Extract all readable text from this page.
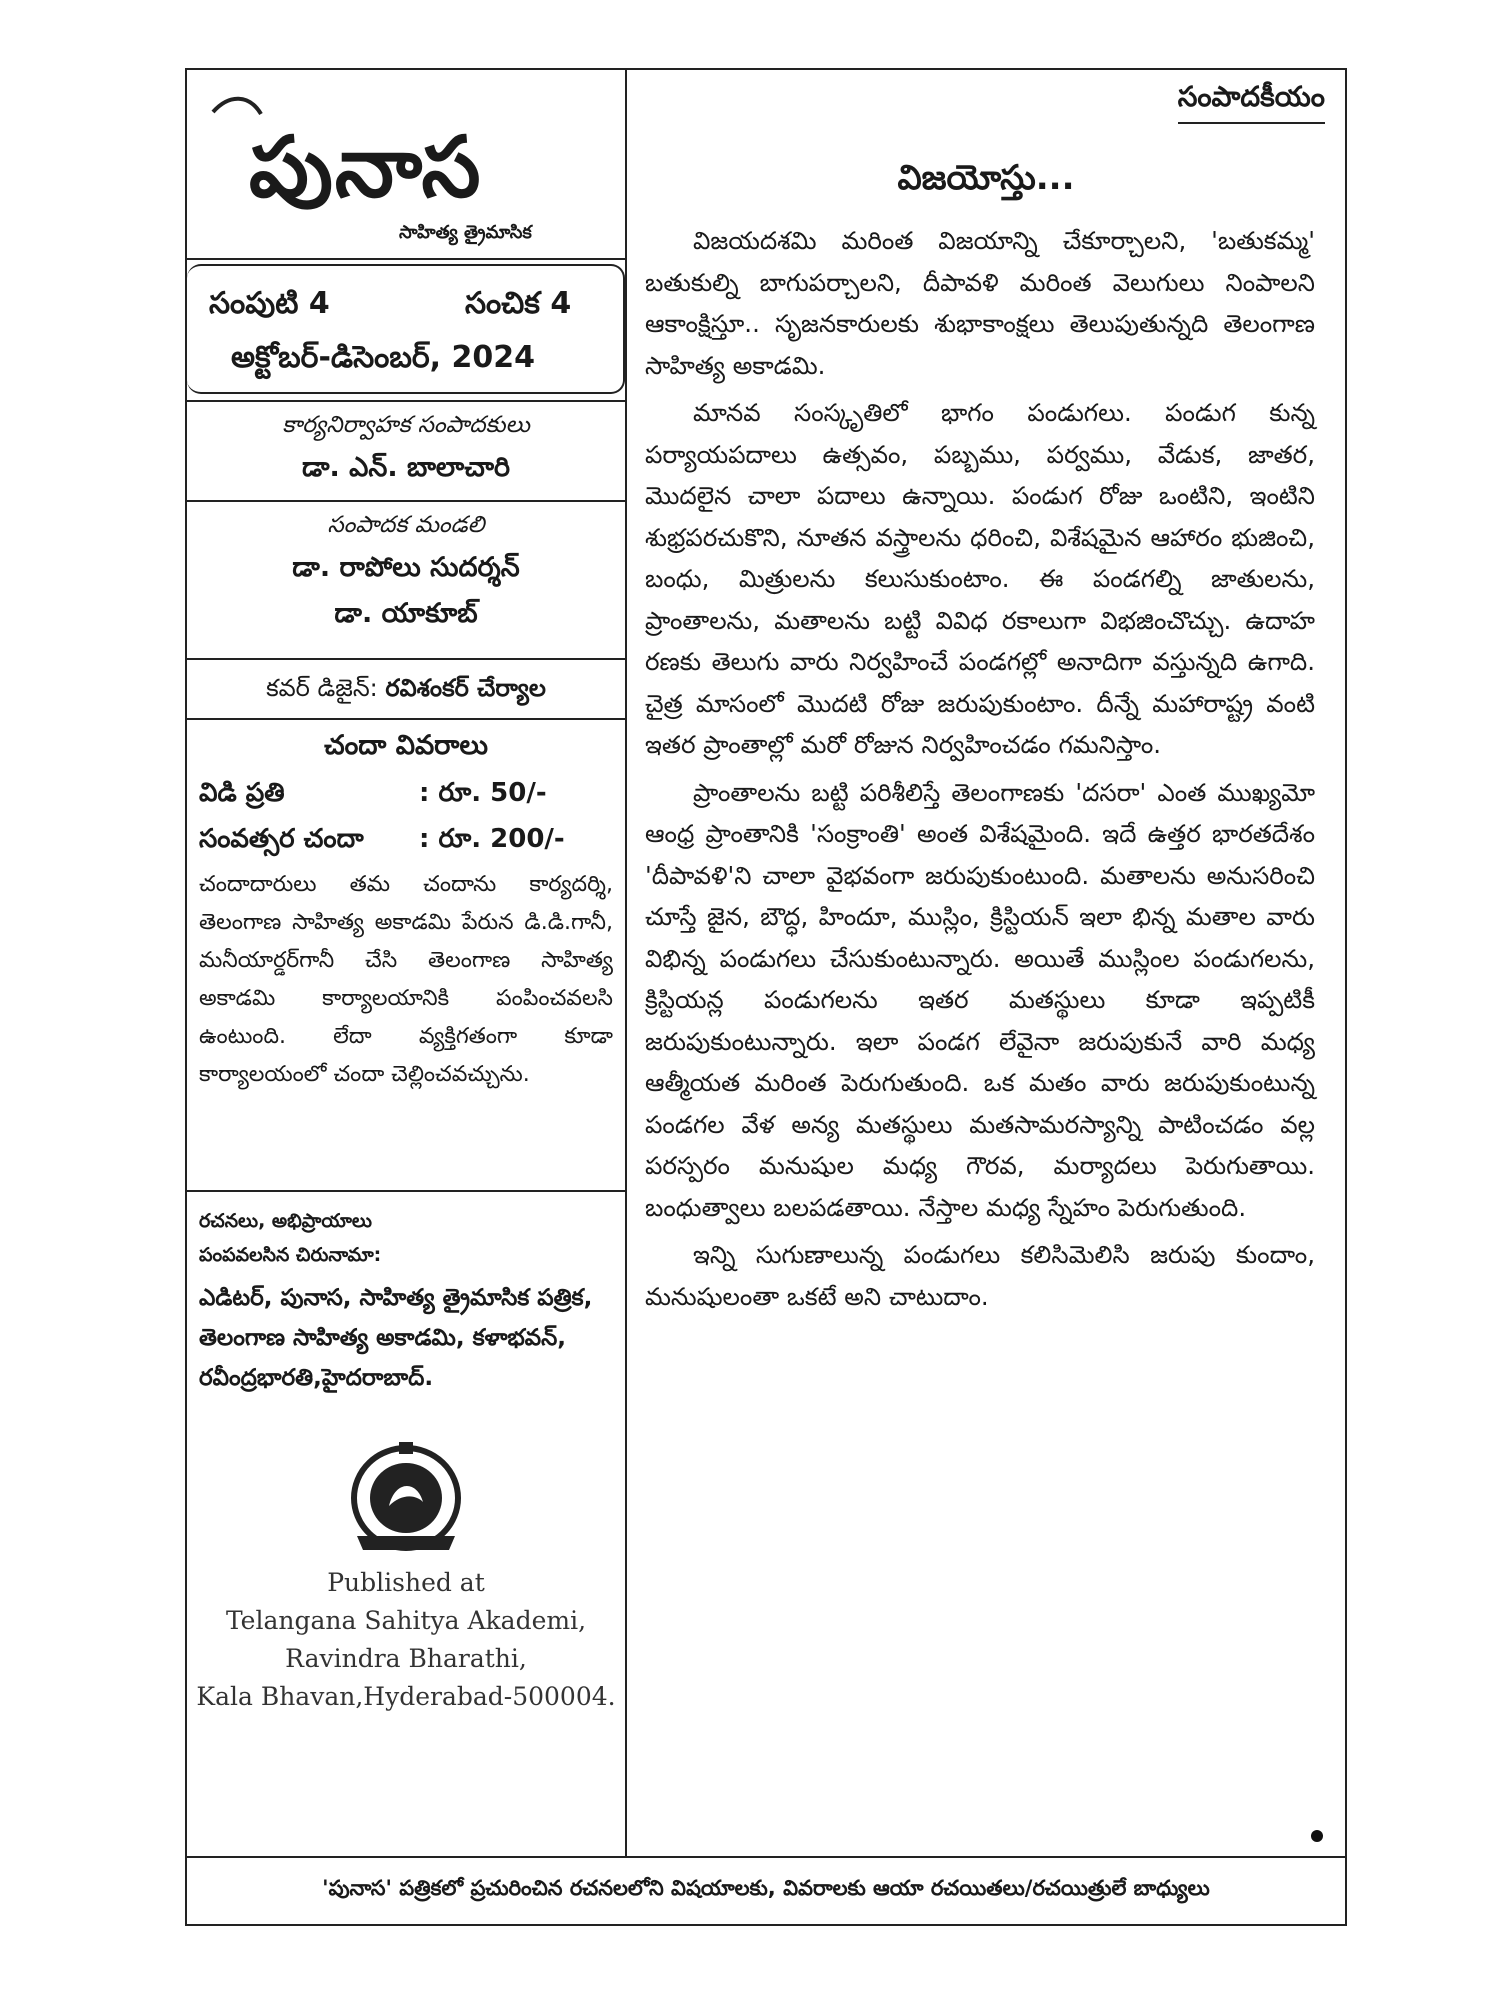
పునాస
సాహిత్య త్రైమాసిక
సంపుటి 4	సంచిక 4
అక్టోబర్-డిసెంబర్, 2024
కార్యనిర్వాహక సంపాదకులు
డా. ఎన్. బాలాచారి
సంపాదక మండలి
డా. రాపోలు సుదర్శన్
డా. యాకూబ్
కవర్ డిజైన్: రవిశంకర్ చేర్యాల
చందా వివరాలు
విడి ప్రతి	: రూ. 50/-
సంవత్సర చందా	: రూ. 200/-
చందాదారులు తమ చందాను కార్యదర్శి, తెలంగాణ సాహిత్య అకాడమి పేరున డి.డి.గానీ, మనీయార్డర్‌గానీ చేసి తెలంగాణ సాహిత్య అకాడమి కార్యాలయానికి పంపించవలసి ఉంటుంది. లేదా వ్యక్తిగతంగా కూడా కార్యాలయంలో చందా చెల్లించవచ్చును.
రచనలు, అభిప్రాయాలు
పంపవలసిన చిరునామా:
ఎడిటర్, పునాస, సాహిత్య త్రైమాసిక పత్రిక, తెలంగాణ సాహిత్య అకాడమి, కళాభవన్, రవీంద్రభారతి,హైదరాబాద్.
Published at
Telangana Sahitya Akademi,
Ravindra Bharathi,
Kala Bhavan,Hyderabad-500004.
సంపాదకీయం
విజయోస్తు...

విజయదశమి మరింత విజయాన్ని చేకూర్చాలని, 'బతుకమ్మ' బతుకుల్ని బాగుపర్చాలని, దీపావళి మరింత వెలుగులు నింపాలని ఆకాంక్షిస్తూ.. సృజనకారులకు శుభాకాంక్షలు తెలుపుతున్నది తెలంగాణ సాహిత్య అకాడమి.

మానవ సంస్కృతిలో భాగం పండుగలు. పండుగ కున్న పర్యాయపదాలు ఉత్సవం, పబ్బము, పర్వము, వేడుక, జాతర, మొదలైన చాలా పదాలు ఉన్నాయి. పండుగ రోజు ఒంటిని, ఇంటిని శుభ్రపరచుకొని, నూతన వస్త్రాలను ధరించి, విశేషమైన ఆహారం భుజించి, బంధు, మిత్రులను కలుసుకుంటాం. ఈ పండగల్ని జాతులను, ప్రాంతాలను, మతాలను బట్టి వివిధ రకాలుగా విభజించొచ్చు. ఉదాహ రణకు తెలుగు వారు నిర్వహించే పండగల్లో అనాదిగా వస్తున్నది ఉగాది. చైత్ర మాసంలో మొదటి రోజు జరుపుకుంటాం. దీన్నే మహారాష్ట్ర వంటి ఇతర ప్రాంతాల్లో మరో రోజున నిర్వహించడం గమనిస్తాం.

ప్రాంతాలను బట్టి పరిశీలిస్తే తెలంగాణకు 'దసరా' ఎంత ముఖ్యమో ఆంధ్ర ప్రాంతానికి 'సంక్రాంతి' అంత విశేషమైంది. ఇదే ఉత్తర భారతదేశం 'దీపావళి'ని చాలా వైభవంగా జరుపుకుంటుంది. మతాలను అనుసరించి చూస్తే జైన, బౌద్ధ, హిందూ, ముస్లిం, క్రిస్టియన్ ఇలా భిన్న మతాల వారు విభిన్న పండుగలు చేసుకుంటున్నారు. అయితే ముస్లింల పండుగలను, క్రిస్టియన్ల పండుగలను ఇతర మతస్థులు కూడా ఇప్పటికీ జరుపుకుంటున్నారు. ఇలా పండగ లేవైనా జరుపుకునే వారి మధ్య ఆత్మీయత మరింత పెరుగుతుంది. ఒక మతం వారు జరుపుకుంటున్న పండగల వేళ అన్య మతస్థులు మతసామరస్యాన్ని పాటించడం వల్ల పరస్పరం మనుషుల మధ్య గౌరవ, మర్యాదలు పెరుగుతాయి. బంధుత్వాలు బలపడతాయి. నేస్తాల మధ్య స్నేహం పెరుగుతుంది.

ఇన్ని సుగుణాలున్న పండుగలు కలిసిమెలిసి జరుపు కుందాం, మనుషులంతా ఒకటే అని చాటుదాం.

'పునాస' పత్రికలో ప్రచురించిన రచనలలోని విషయాలకు, వివరాలకు ఆయా రచయితలు/రచయిత్రులే బాధ్యులు
